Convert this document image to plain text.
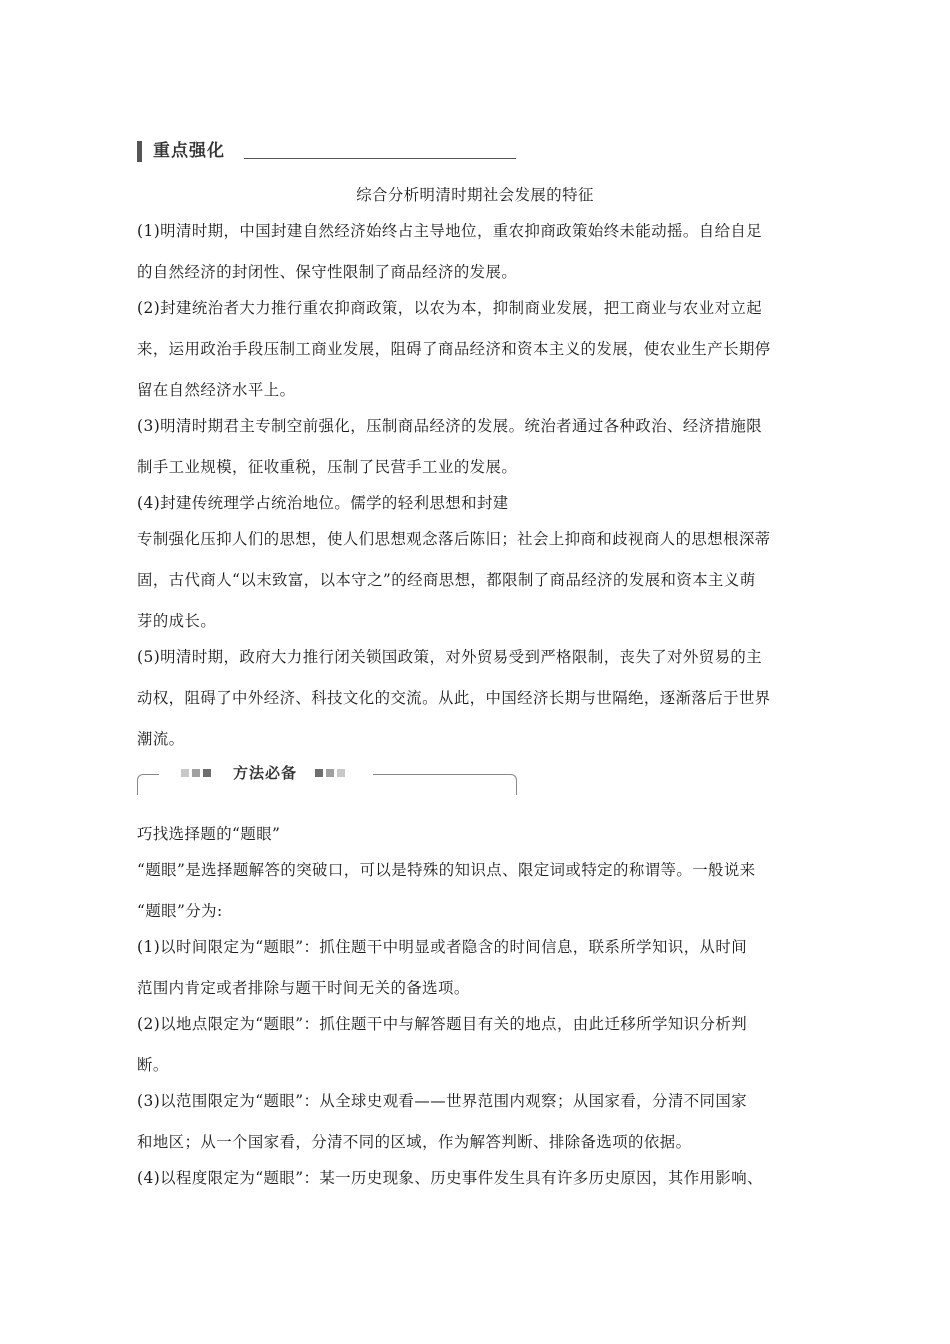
重点强化
综合分析明清时期社会发展的特征
(1)明清时期，中国封建自然经济始终占主导地位，重农抑商政策始终未能动摇。自给自足
的自然经济的封闭性、保守性限制了商品经济的发展。
(2)封建统治者大力推行重农抑商政策，以农为本，抑制商业发展，把工商业与农业对立起
来，运用政治手段压制工商业发展，阻碍了商品经济和资本主义的发展，使农业生产长期停
留在自然经济水平上。
(3)明清时期君主专制空前强化，压制商品经济的发展。统治者通过各种政治、经济措施限
制手工业规模，征收重税，压制了民营手工业的发展。
(4)封建传统理学占统治地位。儒学的轻利思想和封建
专制强化压抑人们的思想，使人们思想观念落后陈旧；社会上抑商和歧视商人的思想根深蒂
固，古代商人“以末致富，以本守之”的经商思想，都限制了商品经济的发展和资本主义萌
芽的成长。
(5)明清时期，政府大力推行闭关锁国政策，对外贸易受到严格限制，丧失了对外贸易的主
动权，阻碍了中外经济、科技文化的交流。从此，中国经济长期与世隔绝，逐渐落后于世界
潮流。
方法必备
巧找选择题的“题眼”
“题眼”是选择题解答的突破口，可以是特殊的知识点、限定词或特定的称谓等。一般说来
“题眼”分为:
(1)以时间限定为“题眼”：抓住题干中明显或者隐含的时间信息，联系所学知识，从时间
范围内肯定或者排除与题干时间无关的备选项。
(2)以地点限定为“题眼”：抓住题干中与解答题目有关的地点，由此迁移所学知识分析判
断。
(3)以范围限定为“题眼”：从全球史观看——世界范围内观察；从国家看，分清不同国家
和地区；从一个国家看，分清不同的区域，作为解答判断、排除备选项的依据。
(4)以程度限定为“题眼”：某一历史现象、历史事件发生具有许多历史原因，其作用影响、
